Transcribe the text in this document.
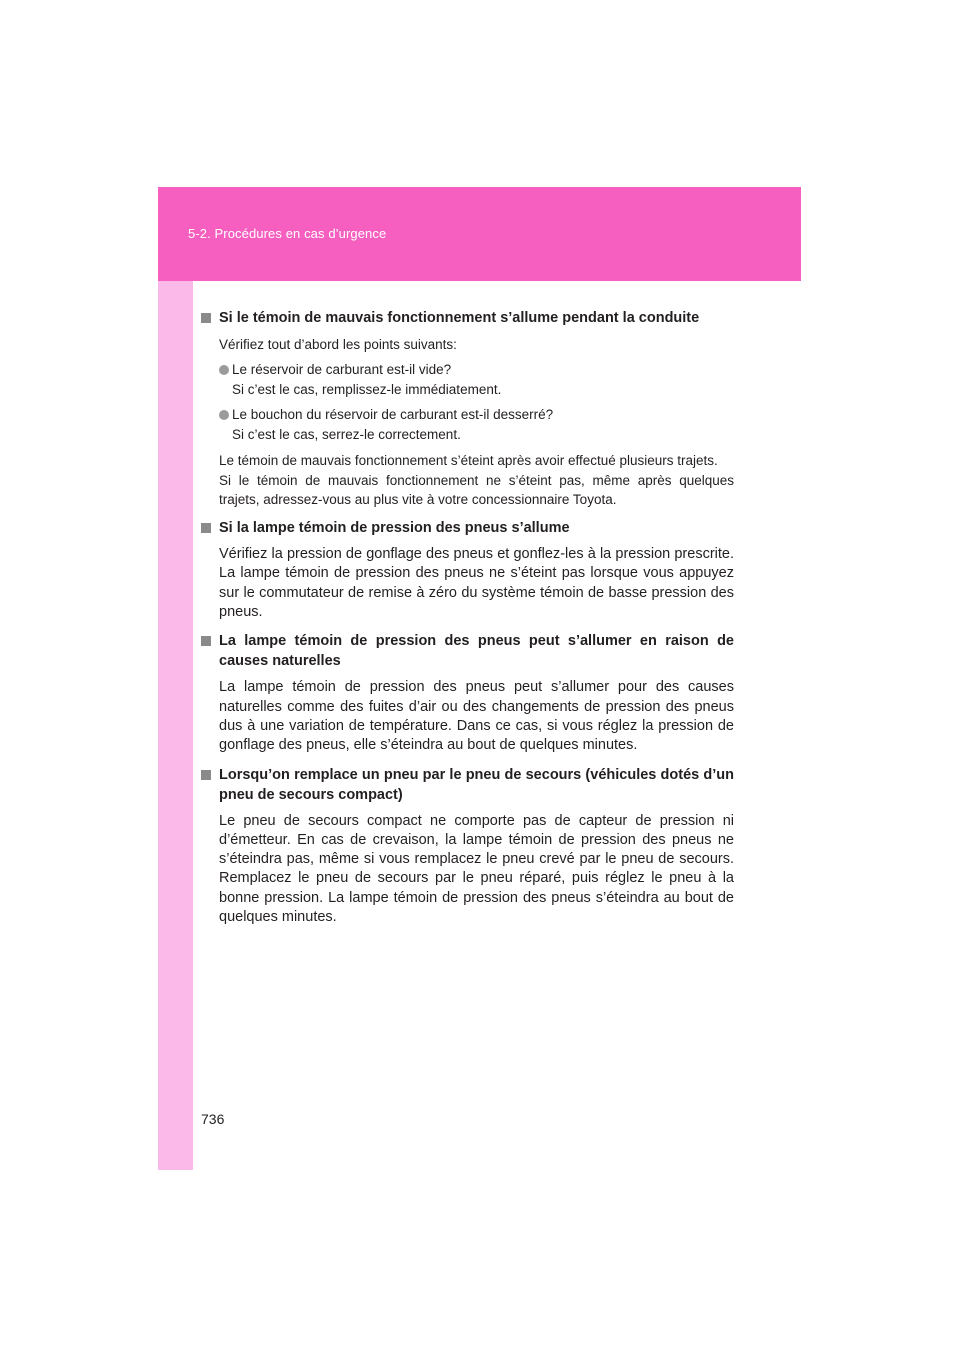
5-2. Procédures en cas d’urgence

Si le témoin de mauvais fonctionnement s’allume pendant la conduite

Vérifiez tout d’abord les points suivants:

Le réservoir de carburant est-il vide?
Si c’est le cas, remplissez-le immédiatement.
Le bouchon du réservoir de carburant est-il desserré?
Si c’est le cas, serrez-le correctement.

Le témoin de mauvais fonctionnement s’éteint après avoir effectué plusieurs trajets.

Si le témoin de mauvais fonctionnement ne s’éteint pas, même après quelques trajets, adressez-vous au plus vite à votre concessionnaire Toyota.

Si la lampe témoin de pression des pneus s’allume

Vérifiez la pression de gonflage des pneus et gonflez-les à la pression prescrite. La lampe témoin de pression des pneus ne s’éteint pas lorsque vous appuyez sur le commutateur de remise à zéro du système témoin de basse pression des pneus.

La lampe témoin de pression des pneus peut s’allumer en raison de causes naturelles

La lampe témoin de pression des pneus peut s’allumer pour des causes naturelles comme des fuites d’air ou des changements de pression des pneus dus à une variation de température. Dans ce cas, si vous réglez la pression de gonflage des pneus, elle s’éteindra au bout de quelques minutes.

Lorsqu’on remplace un pneu par le pneu de secours (véhicules dotés d’un pneu de secours compact)

Le pneu de secours compact ne comporte pas de capteur de pression ni d’émetteur. En cas de crevaison, la lampe témoin de pression des pneus ne s’éteindra pas, même si vous remplacez le pneu crevé par le pneu de secours. Remplacez le pneu de secours par le pneu réparé, puis réglez le pneu à la bonne pression. La lampe témoin de pression des pneus s’éteindra au bout de quelques minutes.

736
